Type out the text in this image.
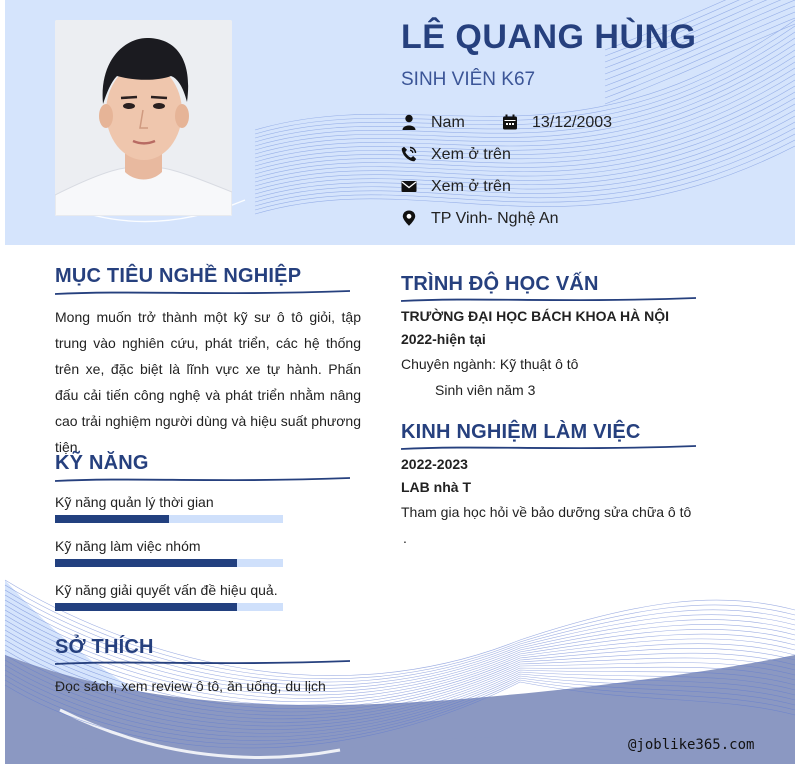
LÊ QUANG HÙNG
SINH VIÊN K67
Nam	13/12/2003
Xem ở trên
Xem ở trên
TP Vinh- Nghệ An
MỤC TIÊU NGHỀ NGHIỆP
Mong muốn trở thành một kỹ sư ô tô giỏi, tập trung vào nghiên cứu, phát triển, các hệ thống trên xe, đặc biệt là lĩnh vực xe tự hành. Phấn đấu cải tiến công nghệ và phát triển nhằm nâng cao trải nghiệm người dùng và hiệu suất phương tiện
KỸ NĂNG
Kỹ năng quản lý thời gian
Kỹ năng làm việc nhóm
Kỹ năng giải quyết vấn đề hiệu quả.
SỞ THÍCH
Đọc sách, xem review ô tô, ăn uống, du lịch
TRÌNH ĐỘ HỌC VẤN
TRƯỜNG ĐẠI HỌC BÁCH KHOA HÀ NỘI
2022-hiện tại
Chuyên ngành: Kỹ thuật ô tô
Sinh viên năm 3
KINH NGHIỆM LÀM VIỆC
2022-2023
LAB nhà T
Tham gia học hỏi về bảo dưỡng sửa chữa ô tô
.
@joblike365.com
